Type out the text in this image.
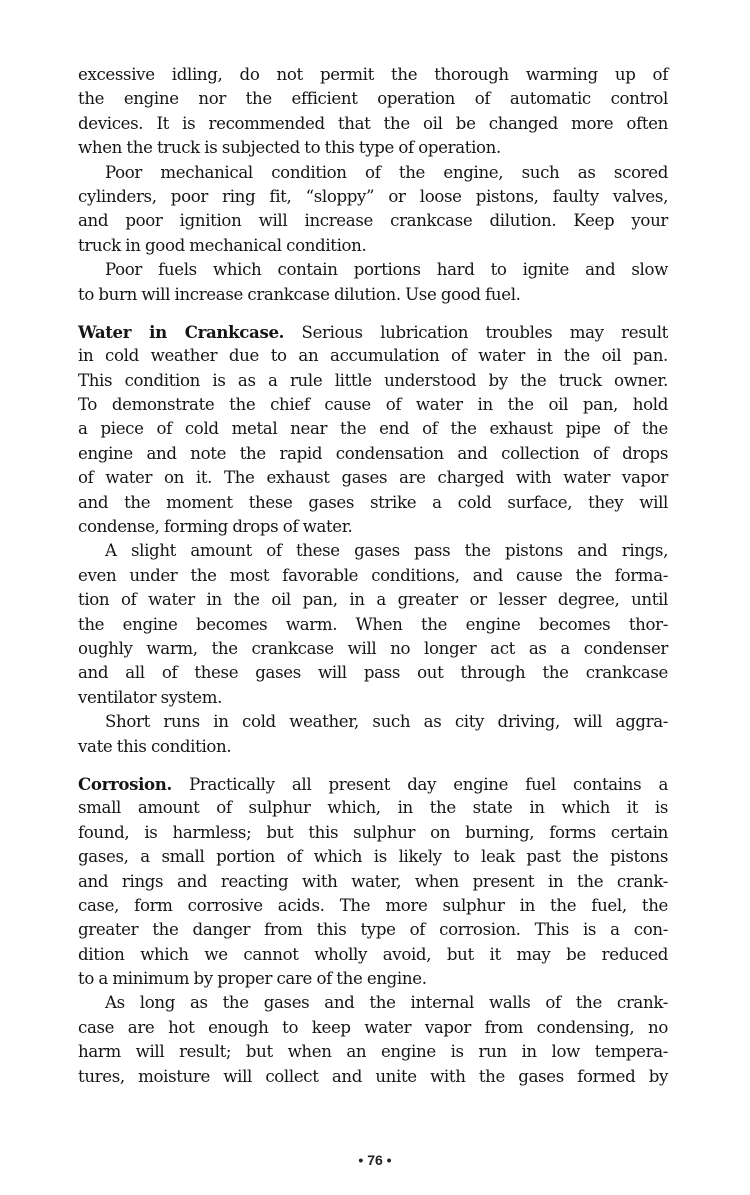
excessive idling, do not permit the thorough warming up of
the engine nor the efficient operation of automatic control
devices. It is recommended that the oil be changed more often
when the truck is subjected to this type of operation.
Poor mechanical condition of the engine, such as scored
cylinders, poor ring fit, “sloppy” or loose pistons, faulty valves,
and poor ignition will increase crankcase dilution. Keep your
truck in good mechanical condition.
Poor fuels which contain portions hard to ignite and slow
to burn will increase crankcase dilution. Use good fuel.
Water in Crankcase. Serious lubrication troubles may result
in cold weather due to an accumulation of water in the oil pan.
This condition is as a rule little understood by the truck owner.
To demonstrate the chief cause of water in the oil pan, hold
a piece of cold metal near the end of the exhaust pipe of the
engine and note the rapid condensation and collection of drops
of water on it. The exhaust gases are charged with water vapor
and the moment these gases strike a cold surface, they will
condense, forming drops of water.
A slight amount of these gases pass the pistons and rings,
even under the most favorable conditions, and cause the forma-
tion of water in the oil pan, in a greater or lesser degree, until
the engine becomes warm. When the engine becomes thor-
oughly warm, the crankcase will no longer act as a condenser
and all of these gases will pass out through the crankcase
ventilator system.
Short runs in cold weather, such as city driving, will aggra-
vate this condition.
Corrosion. Practically all present day engine fuel contains a
small amount of sulphur which, in the state in which it is
found, is harmless; but this sulphur on burning, forms certain
gases, a small portion of which is likely to leak past the pistons
and rings and reacting with water, when present in the crank-
case, form corrosive acids. The more sulphur in the fuel, the
greater the danger from this type of corrosion. This is a con-
dition which we cannot wholly avoid, but it may be reduced
to a minimum by proper care of the engine.
As long as the gases and the internal walls of the crank-
case are hot enough to keep water vapor from condensing, no
harm will result; but when an engine is run in low tempera-
tures, moisture will collect and unite with the gases formed by
• 76 •
